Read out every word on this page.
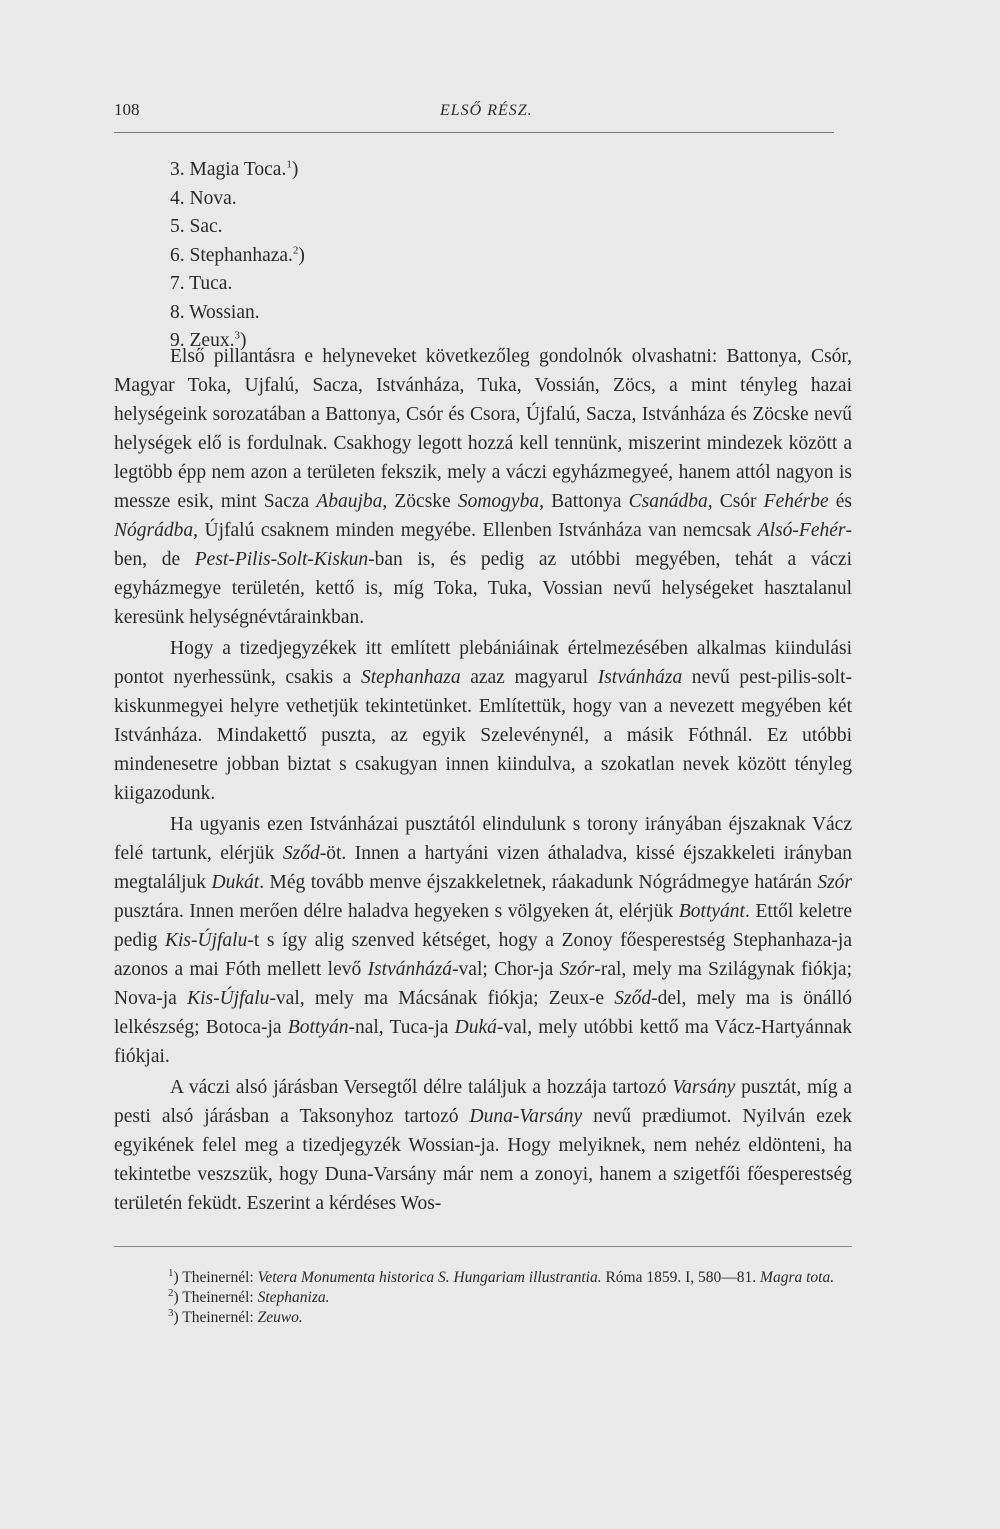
108	ELSŐ RÉSZ.
3. Magia Toca.$^1$)
4. Nova.
5. Sac.
6. Stephanhaza.$^2$)
7. Tuca.
8. Wossian.
9. Zeux.$^3$)

Első pillantásra e helyneveket következőleg gondolnók olvashatni: Battonya, Csór, Magyar Toka, Ujfalú, Sacza, Istvánháza, Tuka, Vossián, Zöcs, a mint tényleg hazai helységeink sorozatában a Battonya, Csór és Csora, Újfalú, Sacza, Istvánháza és Zöcske nevű helységek elő is fordulnak. Csakhogy legott hozzá kell tennünk, miszerint mindezek között a legtöbb épp nem azon a területen fekszik, mely a váczi egyházmegyeé, hanem attól nagyon is messze esik, mint Sacza Abaujba, Zöcske Somogyba, Battonya Csanádba, Csór Fehérbe és Nógrádba, Újfalú csaknem minden megyébe. Ellenben Istvánháza van nemcsak Alsó-Fehér-ben, de Pest-Pilis-Solt-Kiskun-ban is, és pedig az utóbbi megyében, tehát a váczi egyházmegye területén, kettő is, míg Toka, Tuka, Vossian nevű helységeket hasztalanul keresünk helységnévtárainkban.

Hogy a tizedjegyzékek itt említett plebániáinak értelmezésében alkalmas kiindulási pontot nyerhessünk, csakis a Stephanhaza azaz magyarul Istvánháza nevű pest-pilis-solt-kiskunmegyei helyre vethetjük tekintetünket. Említettük, hogy van a nevezett megyében két Istvánháza. Mindakettő puszta, az egyik Szelevénynél, a másik Fóthnál. Ez utóbbi mindenesetre jobban biztat s csakugyan innen kiindulva, a szokatlan nevek között tényleg kiigazodunk.

Ha ugyanis ezen Istvánházai pusztától elindulunk s torony irányában éjszaknak Vácz felé tartunk, elérjük Sződ-öt. Innen a hartyáni vizen áthaladva, kissé éjszakkeleti irányban megtaláljuk Dukát. Még tovább menve éjszakkeletnek, ráakadunk Nógrádmegye határán Szór pusztára. Innen merően délre haladva hegyeken s völgyeken át, elérjük Bottyánt. Ettől keletre pedig Kis-Újfalu-t s így alig szenved kétséget, hogy a Zonoy főesperestség Stephanhaza-ja azonos a mai Fóth mellett levő Istvánházá-val; Chor-ja Szór-ral, mely ma Szilágynak fiókja; Nova-ja Kis-Újfalu-val, mely ma Mácsának fiókja; Zeux-e Sződ-del, mely ma is önálló lelkészség; Botoca-ja Bottyán-nal, Tuca-ja Duká-val, mely utóbbi kettő ma Vácz-Hartyánnak fiókjai.

A váczi alsó járásban Versegtől délre találjuk a hozzája tartozó Varsány pusztát, míg a pesti alsó járásban a Taksonyhoz tartozó Duna-Varsány nevű prædiumot. Nyilván ezek egyikének felel meg a tizedjegyzék Wossian-ja. Hogy melyiknek, nem nehéz eldönteni, ha tekintetbe veszszük, hogy Duna-Varsány már nem a zonoyi, hanem a szigetfői főesperestség területén feküdt. Eszerint a kérdéses Wos-

$^1$) Theinernél: Vetera Monumenta historica S. Hungariam illustrantia. Róma 1859. I, 580—81. Magra tota.

$^2$) Theinernél: Stephaniza.

$^3$) Theinernél: Zeuwo.
